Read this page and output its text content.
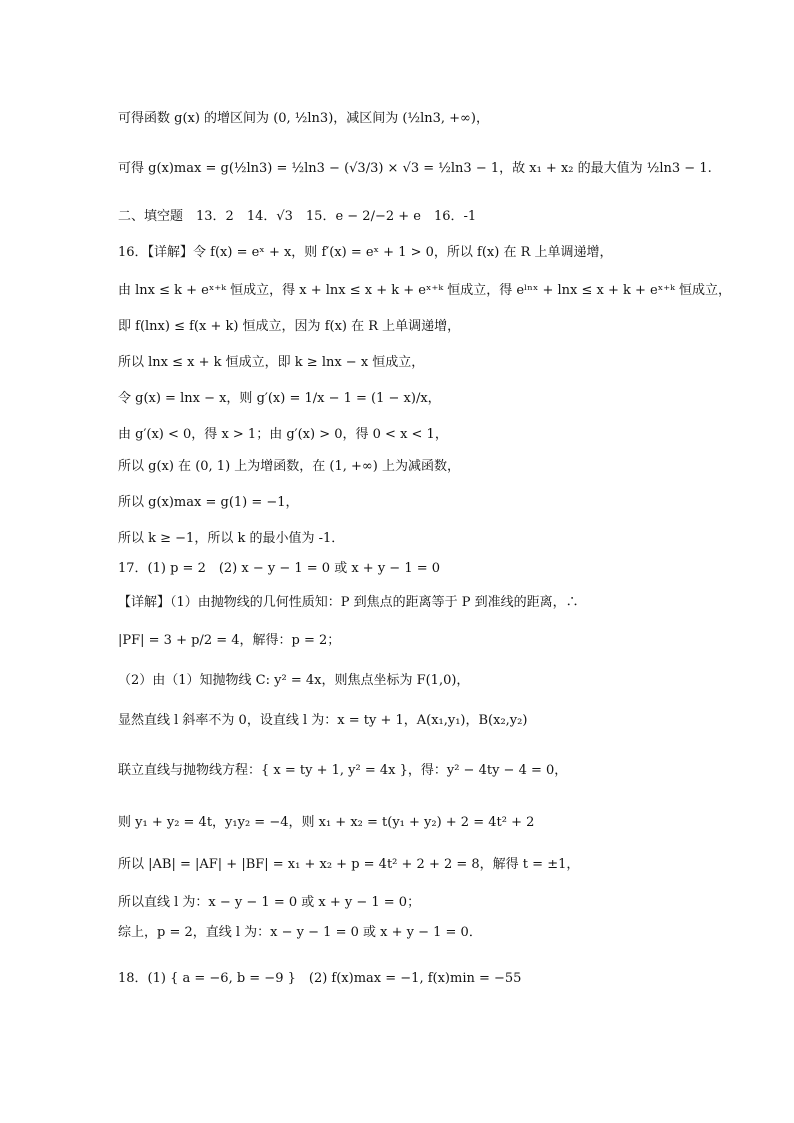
可得函数 g(x) 的增区间为 (0, ½ln3)，减区间为 (½ln3, +∞)，
可得 g(x)max = g(½ln3) = ½ln3 − (√3/3) × √3 = ½ln3 − 1，故 x₁ + x₂ 的最大值为 ½ln3 − 1.
二、填空题　13．2　14．√3　15．e − 2/−2 + e　16．-1
16．【详解】令 f(x) = eˣ + x，则 f′(x) = eˣ + 1 > 0，所以 f(x) 在 R 上单调递增，
由 lnx ≤ k + eˣ⁺ᵏ 恒成立，得 x + lnx ≤ x + k + eˣ⁺ᵏ 恒成立，得 eˡⁿˣ + lnx ≤ x + k + eˣ⁺ᵏ 恒成立，
即 f(lnx) ≤ f(x + k) 恒成立，因为 f(x) 在 R 上单调递增，
所以 lnx ≤ x + k 恒成立，即 k ≥ lnx − x 恒成立，
令 g(x) = lnx − x，则 g′(x) = 1/x − 1 = (1 − x)/x，
由 g′(x) < 0，得 x > 1；由 g′(x) > 0，得 0 < x < 1，
所以 g(x) 在 (0, 1) 上为增函数，在 (1, +∞) 上为减函数，
所以 g(x)max = g(1) = −1，
所以 k ≥ −1，所以 k 的最小值为 -1．
17．(1) p = 2　(2) x − y − 1 = 0 或 x + y − 1 = 0
【详解】（1）由抛物线的几何性质知：P 到焦点的距离等于 P 到准线的距离，∴
|PF| = 3 + p/2 = 4，解得：p = 2；
（2）由（1）知抛物线 C: y² = 4x，则焦点坐标为 F(1,0)，
显然直线 l 斜率不为 0，设直线 l 为：x = ty + 1，A(x₁,y₁)，B(x₂,y₂)
联立直线与抛物线方程：{ x = ty + 1, y² = 4x }，得：y² − 4ty − 4 = 0，
则 y₁ + y₂ = 4t，y₁y₂ = −4，则 x₁ + x₂ = t(y₁ + y₂) + 2 = 4t² + 2
所以 |AB| = |AF| + |BF| = x₁ + x₂ + p = 4t² + 2 + 2 = 8，解得 t = ±1，
所以直线 l 为：x − y − 1 = 0 或 x + y − 1 = 0；
综上，p = 2，直线 l 为：x − y − 1 = 0 或 x + y − 1 = 0．
18．(1) { a = −6, b = −9 }　(2) f(x)max = −1, f(x)min = −55
